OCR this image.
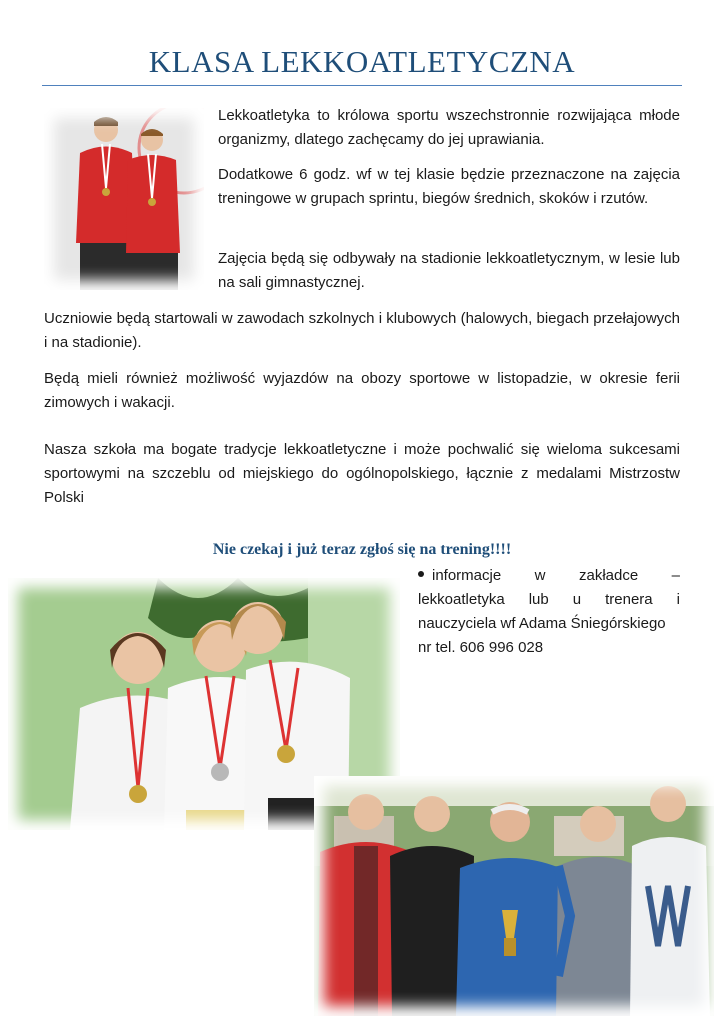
KLASA LEKKOATLETYCZNA

Lekkoatletyka to królowa sportu wszechstronnie rozwijająca młode organizmy, dlatego zachęcamy do jej uprawiania.

Dodatkowe 6 godz. wf w tej klasie będzie przeznaczone na zajęcia treningowe w grupach sprintu, biegów średnich, skoków i rzutów.

Zajęcia będą się odbywały na stadionie lekkoatletycznym, w lesie lub na sali gimnastycznej.

Uczniowie będą startowali w zawodach szkolnych i klubowych (halowych, biegach przełajowych i na stadionie).

Będą mieli również możliwość wyjazdów na obozy sportowe w listopadzie, w okresie ferii zimowych i wakacji.

Nasza szkoła ma bogate tradycje lekkoatletyczne i może pochwalić się wieloma sukcesami sportowymi na szczeblu od miejskiego do ogólnopolskiego, łącznie z medalami Mistrzostw Polski

Nie czekaj i już teraz zgłoś się na trening!!!!

informacje w zakładce – lekkoatletyka lub u trenera i nauczyciela wf Adama Śniegórskiego
nr tel. 606 996 028
